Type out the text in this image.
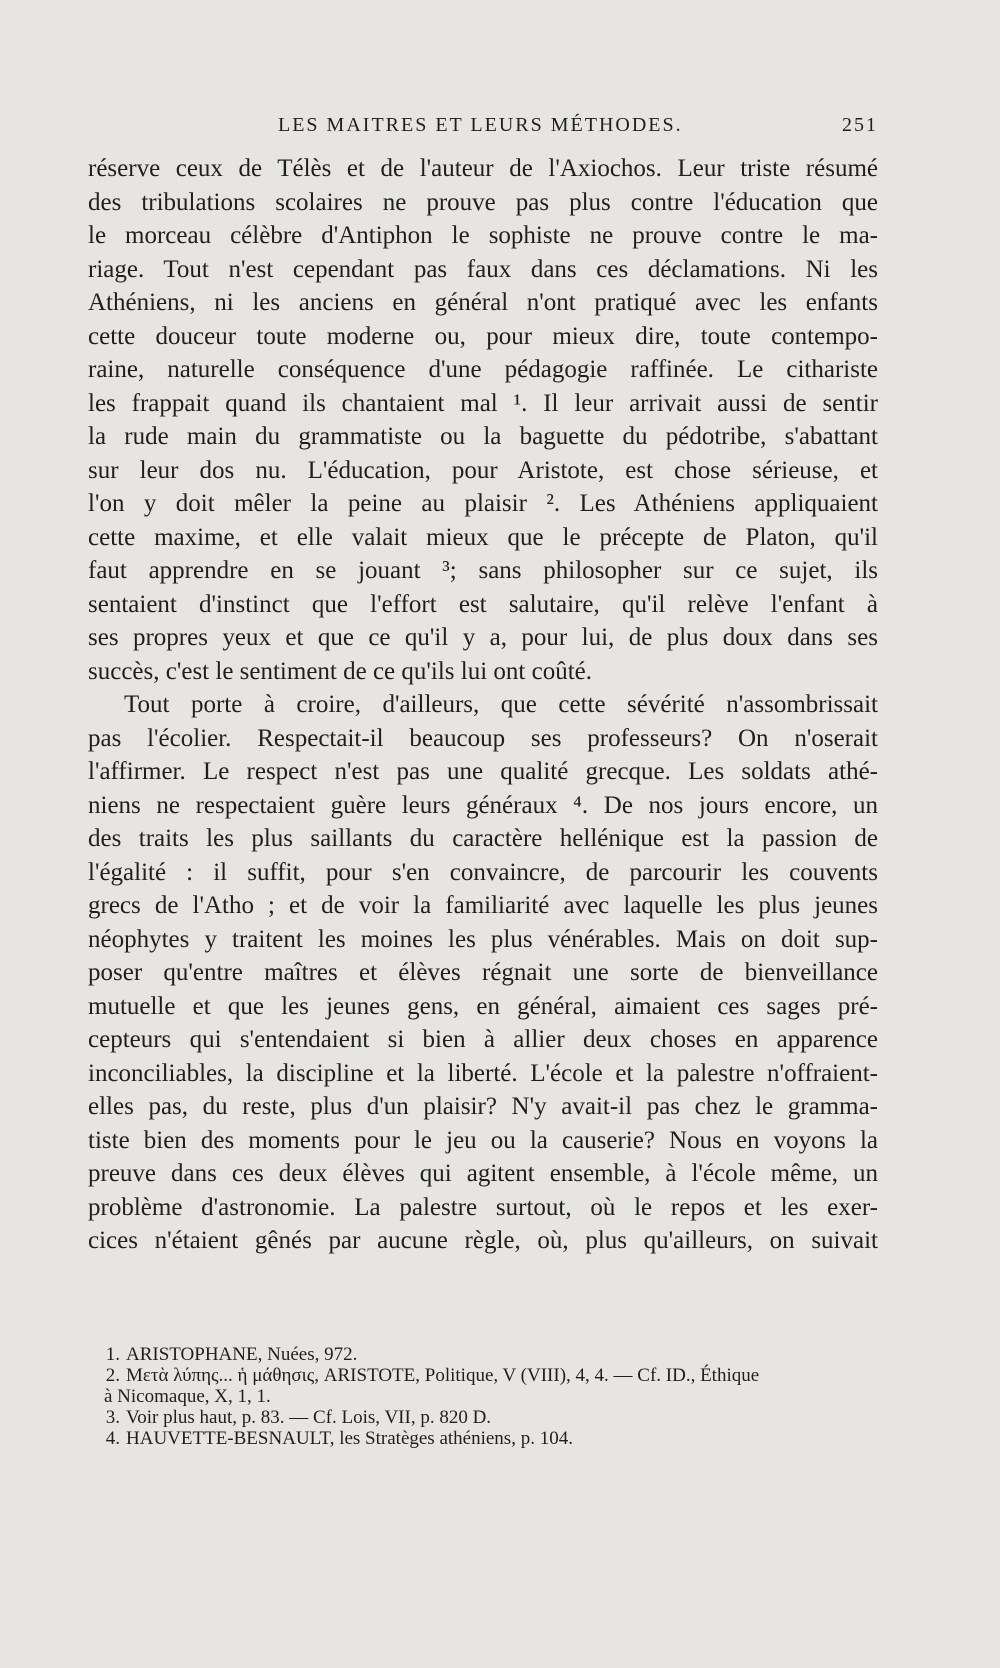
LES MAITRES ET LEURS MÉTHODES.	251
réserve ceux de Télès et de l'auteur de l'Axiochos. Leur triste résumé
des tribulations scolaires ne prouve pas plus contre l'éducation que
le morceau célèbre d'Antiphon le sophiste ne prouve contre le ma-
riage. Tout n'est cependant pas faux dans ces déclamations. Ni les
Athéniens, ni les anciens en général n'ont pratiqué avec les enfants
cette douceur toute moderne ou, pour mieux dire, toute contempo-
raine, naturelle conséquence d'une pédagogie raffinée. Le cithariste
les frappait quand ils chantaient mal ¹. Il leur arrivait aussi de sentir
la rude main du grammatiste ou la baguette du pédotribe, s'abattant
sur leur dos nu. L'éducation, pour Aristote, est chose sérieuse, et
l'on y doit mêler la peine au plaisir ². Les Athéniens appliquaient
cette maxime, et elle valait mieux que le précepte de Platon, qu'il
faut apprendre en se jouant ³; sans philosopher sur ce sujet, ils
sentaient d'instinct que l'effort est salutaire, qu'il relève l'enfant à
ses propres yeux et que ce qu'il y a, pour lui, de plus doux dans ses
succès, c'est le sentiment de ce qu'ils lui ont coûté.
Tout porte à croire, d'ailleurs, que cette sévérité n'assombrissait
pas l'écolier. Respectait-il beaucoup ses professeurs? On n'oserait
l'affirmer. Le respect n'est pas une qualité grecque. Les soldats athé-
niens ne respectaient guère leurs généraux ⁴. De nos jours encore, un
des traits les plus saillants du caractère hellénique est la passion de
l'égalité : il suffit, pour s'en convaincre, de parcourir les couvents
grecs de l'Atho ; et de voir la familiarité avec laquelle les plus jeunes
néophytes y traitent les moines les plus vénérables. Mais on doit sup-
poser qu'entre maîtres et élèves régnait une sorte de bienveillance
mutuelle et que les jeunes gens, en général, aimaient ces sages pré-
cepteurs qui s'entendaient si bien à allier deux choses en apparence
inconciliables, la discipline et la liberté. L'école et la palestre n'offraient-
elles pas, du reste, plus d'un plaisir? N'y avait-il pas chez le gramma-
tiste bien des moments pour le jeu ou la causerie? Nous en voyons la
preuve dans ces deux élèves qui agitent ensemble, à l'école même, un
problème d'astronomie. La palestre surtout, où le repos et les exer-
cices n'étaient gênés par aucune règle, où, plus qu'ailleurs, on suivait
1. ARISTOPHANE, Nuées, 972.
2. Μετὰ λύπης... ἡ μάθησις, ARISTOTE, Politique, V (VIII), 4, 4. — Cf. ID., Éthique
à Nicomaque, X, 1, 1.
3. Voir plus haut, p. 83. — Cf. Lois, VII, p. 820 D.
4. HAUVETTE-BESNAULT, les Stratèges athéniens, p. 104.
